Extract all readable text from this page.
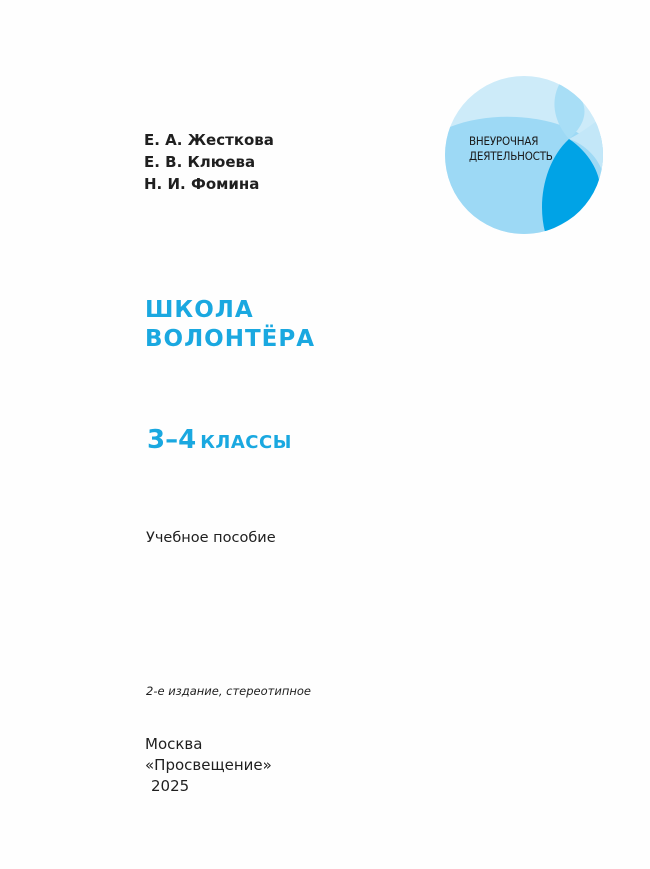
Е. А. Жесткова
Е. В. Клюева
Н. И. Фомина
ВНЕУРОЧНАЯ
ДЕЯТЕЛЬНОСТЬ
ШКОЛА
ВОЛОНТЁРА
3–4 КЛАССЫ
Учебное пособие
2-е издание, стереотипное
Москва
«Просвещение»
2025
